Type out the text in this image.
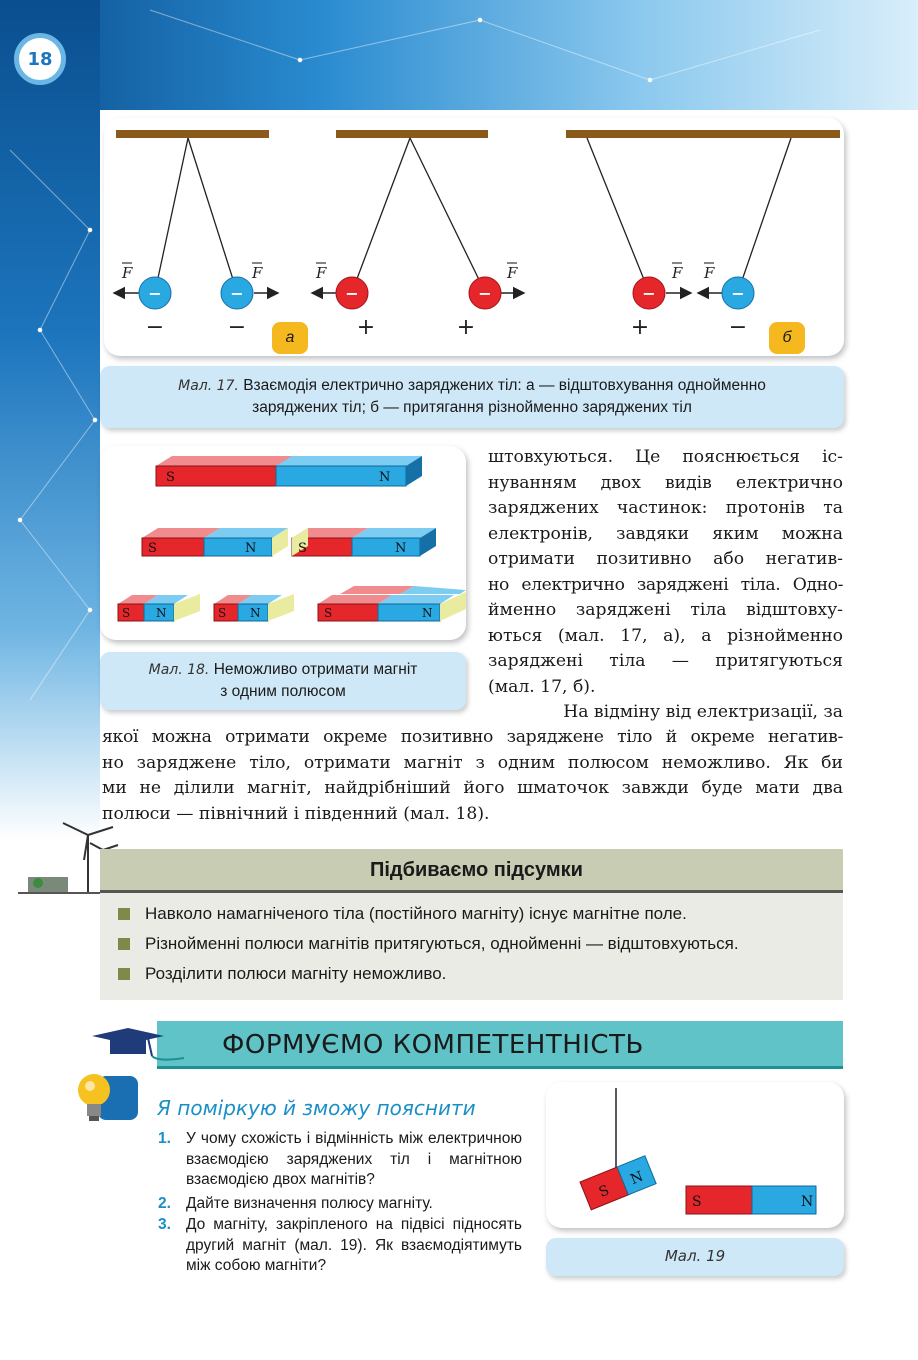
18
F	F	F	F	F F
−	−	+	+	+	−
−	−	−	−	−	−
а	б
Мал. 17. Взаємодія електрично заряджених тіл: а — відштовхування однойменно
заряджених тіл; б — притягання різнойменно заряджених тіл
S	N
S	N	S	N
S N	S N	S	N
Мал. 18. Неможливо отримати магніт
з одним полюсом
штовхуються. Це пояснюється іс-
нуванням двох видів електрично
заряджених частинок: протонів та
електронів, завдяки яким можна
отримати позитивно або негатив-
но електрично заряджені тіла. Одно-
йменно заряджені тіла відштовху-
ються (мал. 17, а), а різнойменно
заряджені тіла — притягуються
(мал. 17, б).
На відміну від електризації, за
якої можна отримати окреме позитивно заряджене тіло й окреме негатив-
но заряджене тіло, отримати магніт з одним полюсом неможливо. Як би
ми не ділили магніт, найдрібніший його шматочок завжди буде мати два
полюси — північний і південний (мал. 18).
Підбиваємо підсумки
Навколо намагніченого тіла (постійного магніту) існує магнітне поле.
Різнойменні полюси магнітів притягуються, однойменні — відштовхуються.
Розділити полюси магніту неможливо.
ФОРМУЄМО КОМПЕТЕНТНІСТЬ
Я поміркую й зможу пояснити
1. У чому схожість і відмінність між електричною взаємодією заряджених тіл і магнітною взаємодією двох магнітів?
2. Дайте визначення полюсу магніту.
3. До магніту, закріпленого на підвісі підносять другий магніт (мал. 19). Як взаємодіятимуть між собою магніти?
S
N
S	N
Мал. 19
